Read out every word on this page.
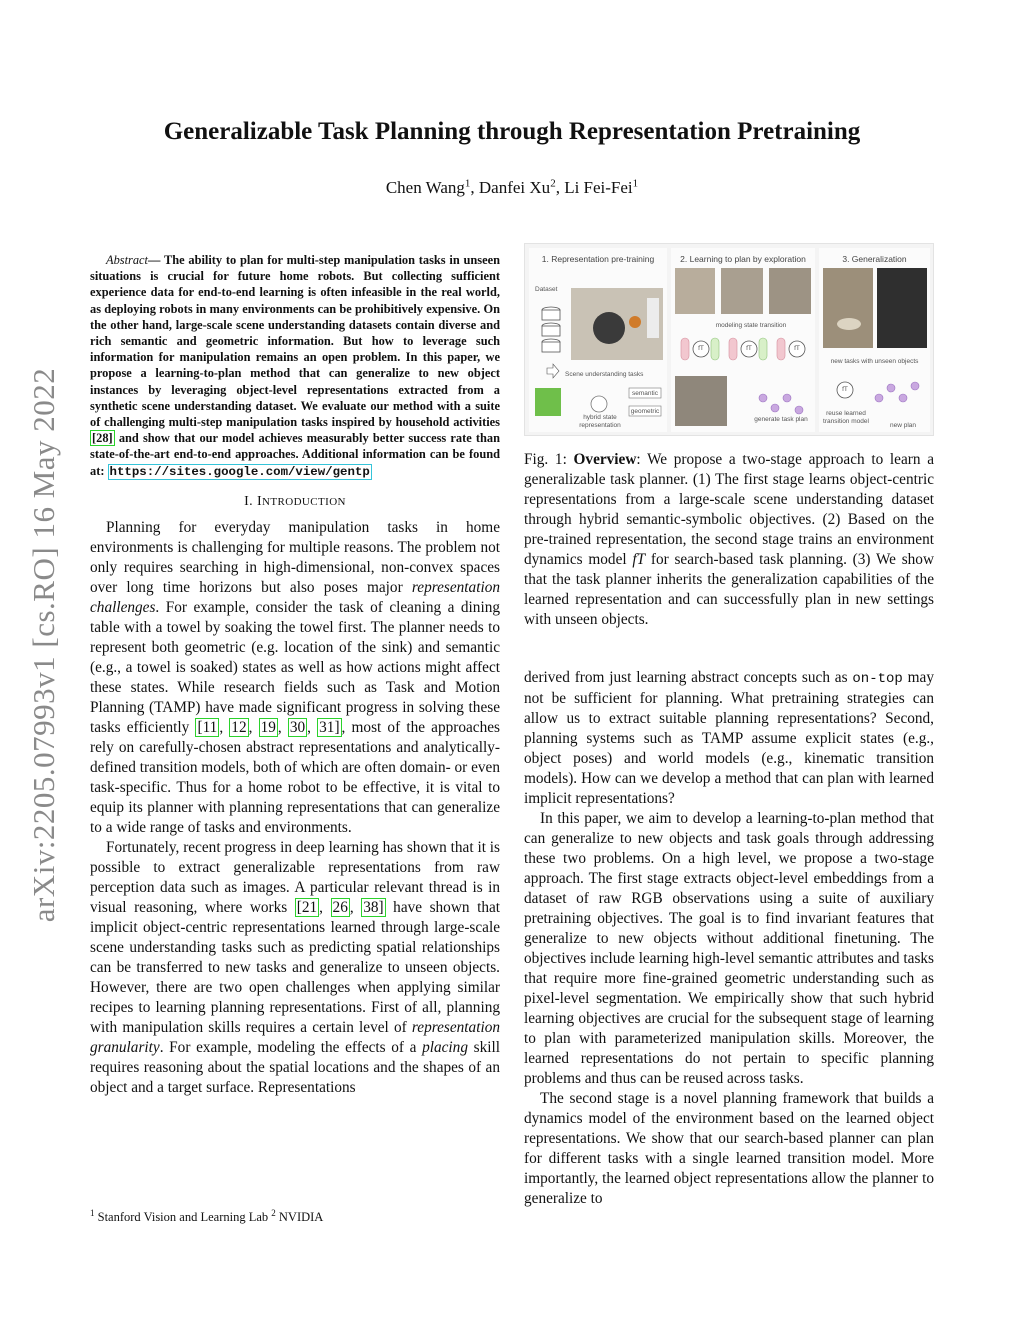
arXiv:2205.07993v1 [cs.RO] 16 May 2022
Generalizable Task Planning through Representation Pretraining
Chen Wang$^1$, Danfei Xu$^2$, Li Fei-Fei$^1$
Abstract— The ability to plan for multi-step manipulation tasks in unseen situations is crucial for future home robots. But collecting sufficient experience data for end-to-end learning is often infeasible in the real world, as deploying robots in many environments can be prohibitively expensive. On the other hand, large-scale scene understanding datasets contain diverse and rich semantic and geometric information. But how to leverage such information for manipulation remains an open problem. In this paper, we propose a learning-to-plan method that can generalize to new object instances by leveraging object-level representations extracted from a synthetic scene understanding dataset. We evaluate our method with a suite of challenging multi-step manipulation tasks inspired by household activities [28] and show that our model achieves measurably better success rate than state-of-the-art end-to-end approaches. Additional information can be found at: https://sites.google.com/view/gentp
I. INTRODUCTION

Planning for everyday manipulation tasks in home environments is challenging for multiple reasons. The problem not only requires searching in high-dimensional, non-convex spaces over long time horizons but also poses major representation challenges. For example, consider the task of cleaning a dining table with a towel by soaking the towel first. The planner needs to represent both geometric (e.g. location of the sink) and semantic (e.g., a towel is soaked) states as well as how actions might affect these states. While research fields such as Task and Motion Planning (TAMP) have made significant progress in solving these tasks efficiently [11 , 12 , 19 , 30 , 31] , most of the approaches rely on carefully-chosen abstract representations and analytically-defined transition models, both of which are often domain- or even task-specific. Thus for a home robot to be effective, it is vital to equip its planner with planning representations that can generalize to a wide range of tasks and environments.

Fortunately, recent progress in deep learning has shown that it is possible to extract generalizable representations from raw perception data such as images. A particular relevant thread is in visual reasoning, where works [21 , 26 , 38] have shown that implicit object-centric representations learned through large-scale scene understanding tasks such as predicting spatial relationships can be transferred to new tasks and generalize to unseen objects. However, there are two open challenges when applying similar recipes to learning planning representations. First of all, planning with manipulation skills requires a certain level of representation granularity. For example, modeling the effects of a placing skill requires reasoning about the spatial locations and the shapes of an object and a target surface. Representations

$^1$ Stanford Vision and Learning Lab $^2$ NVIDIA
1. Representation pre-training
Dataset
Scene understanding tasks
hybrid state representation
semantic
geometric
2. Learning to plan by exploration
modeling state transition
fT	fT	fT
generate task plan
3. Generalization
new tasks with unseen objects
fT
reuse learned transition model
new plan
Fig. 1: Overview: We propose a two-stage approach to learn a generalizable task planner. (1) The first stage learns object-centric representations from a large-scale scene understanding dataset through hybrid semantic-symbolic objectives. (2) Based on the pre-trained representation, the second stage trains an environment dynamics model fT for search-based task planning. (3) We show that the task planner inherits the generalization capabilities of the learned representation and can successfully plan in new settings with unseen objects.

derived from just learning abstract concepts such as on-top may not be sufficient for planning. What pretraining strategies can allow us to extract suitable planning representations? Second, planning systems such as TAMP assume explicit states (e.g., object poses) and world models (e.g., kinematic transition models). How can we develop a method that can plan with learned implicit representations?

In this paper, we aim to develop a learning-to-plan method that can generalize to new objects and task goals through addressing these two problems. On a high level, we propose a two-stage approach. The first stage extracts object-level embeddings from a dataset of raw RGB observations using a suite of auxiliary pretraining objectives. The goal is to find invariant features that generalize to new objects without additional finetuning. The objectives include learning high-level semantic attributes and tasks that require more fine-grained geometric understanding such as pixel-level segmentation. We empirically show that such hybrid learning objectives are crucial for the subsequent stage of learning to plan with parameterized manipulation skills. Moreover, the learned representations do not pertain to specific planning problems and thus can be reused across tasks.

The second stage is a novel planning framework that builds a dynamics model of the environment based on the learned object representations. We show that our search-based planner can plan for different tasks with a single learned transition model. More importantly, the learned object representations allow the planner to generalize to
